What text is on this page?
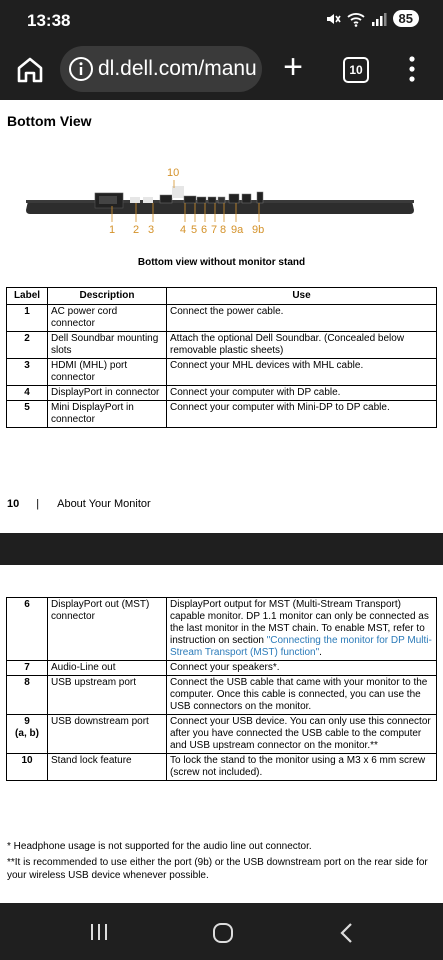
13:38	85
dl.dell.com/manu +	10
Bottom View
10
1 2 3 4 5 6 7 8 9a 9b
Bottom view without monitor stand
Label	Description	Use
1	AC power cord connector	Connect the power cable.
2	Dell Soundbar mounting slots	Attach the optional Dell Soundbar. (Concealed below removable plastic sheets)
3	HDMI (MHL) port connector	Connect your MHL devices with MHL cable.
4	DisplayPort in connector	Connect your computer with DP cable.
5	Mini DisplayPort in connector	Connect your computer with Mini-DP to DP cable.
10 | About Your Monitor
6	DisplayPort out (MST) connector	DisplayPort output for MST (Multi-Stream Transport) capable monitor. DP 1.1 monitor can only be connected as the last monitor in the MST chain. To enable MST, refer to instruction on section "Connecting the monitor for DP Multi-Stream Transport (MST) function".
7	Audio-Line out	Connect your speakers*.
8	USB upstream port	Connect the USB cable that came with your monitor to the computer. Once this cable is connected, you can use the USB connectors on the monitor.
9
(a, b)	USB downstream port	Connect your USB device. You can only use this connector after you have connected the USB cable to the computer and USB upstream connector on the monitor.**
10	Stand lock feature	To lock the stand to the monitor using a M3 x 6 mm screw (screw not included).
* Headphone usage is not supported for the audio line out connector.
**It is recommended to use either the port (9b) or the USB downstream port on the rear side for your wireless USB device whenever possible.
